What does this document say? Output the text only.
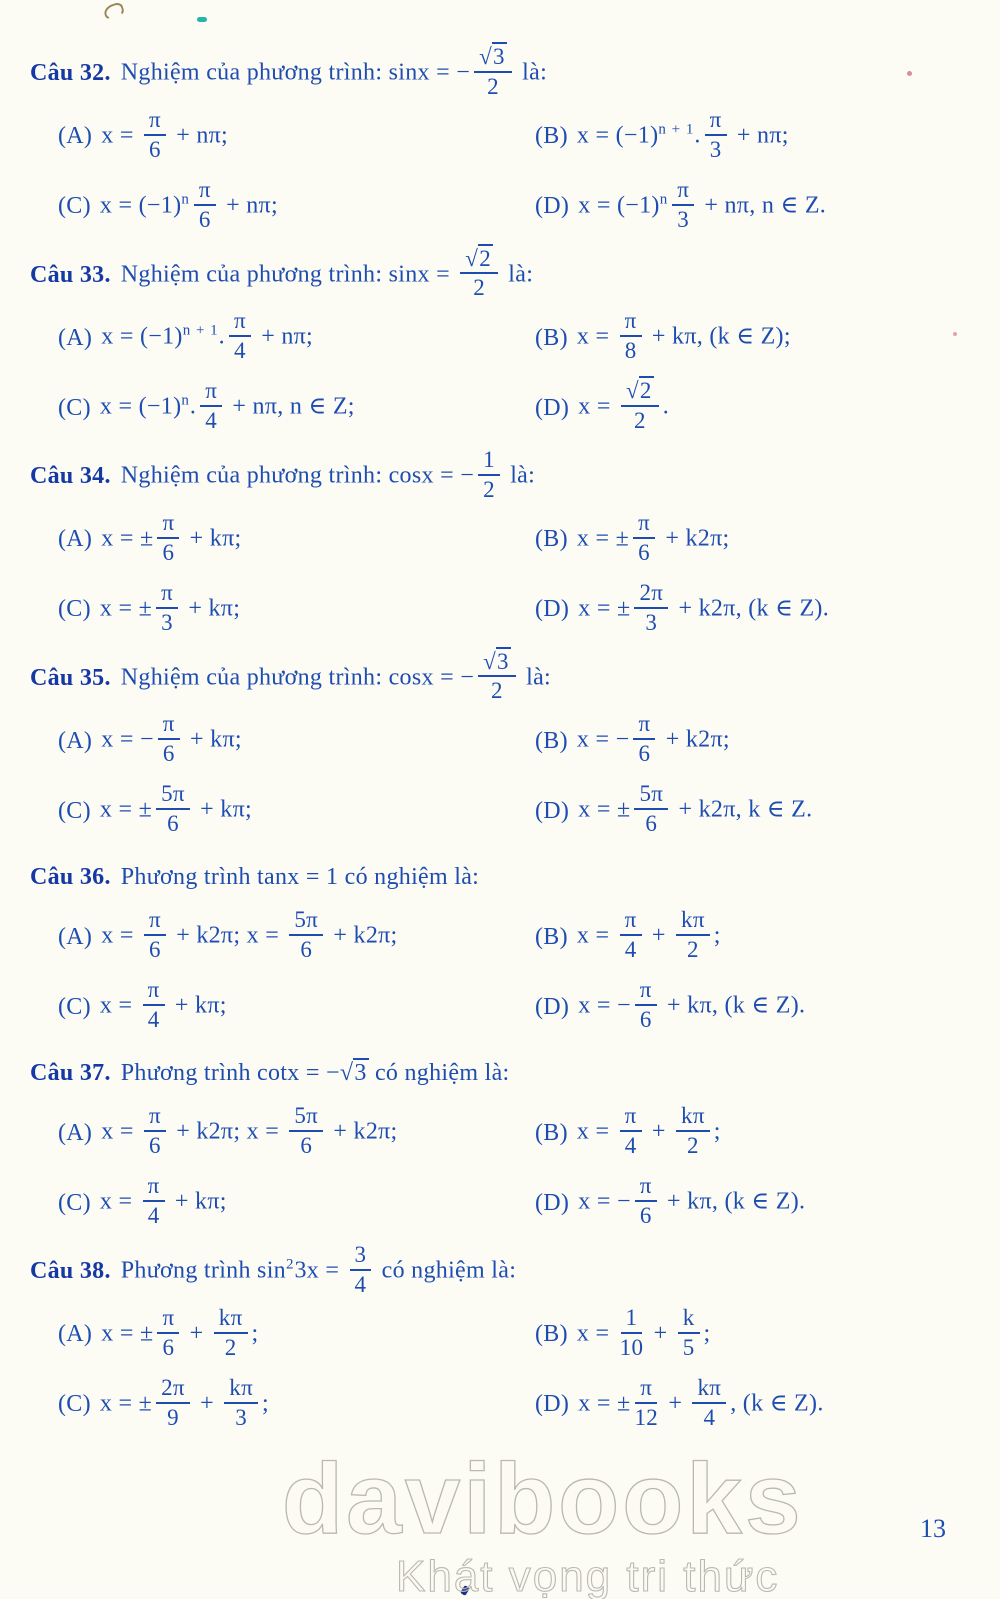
davibooks
Khát vọng tri thức
Câu 32. Nghiệm của phương trình: sinx = − $\frac{√3}{2}$ là:
(A) $x = \frac{\pi}{6} + n\pi$;	(B) $x = (-1)^{n + 1}$. $\frac{\pi}{3} + n\pi$;
(C) $x = (-1)^n \frac{\pi}{6} + n\pi$;	(D) $x = (-1)^n \frac{\pi}{3} + n\pi$, n ∈ Z.
Câu 33. Nghiệm của phương trình: $\sin x = \frac{√2}{2}$ là:
(A) $x = (-1)^{n + 1}$. $\frac{\pi}{4} + n\pi$;	(B) $x = \frac{\pi}{8} + k\pi$, (k ∈ Z);
(C) $x = (-1)^n$. $\frac{\pi}{4} + n\pi$, n ∈ Z;	(D) $x = \frac{√2}{2}$ .
Câu 34. Nghiệm của phương trình: cosx = − $\frac{1}{2}$ là:
(A) x = ± $\frac{\pi}{6} + k\pi$;	(B) x = ± $\frac{\pi}{6} + k2\pi$;
(C) x = ± $\frac{\pi}{3} + k\pi$;	(D) x = ± $\frac{2\pi}{3} + k2\pi$, (k ∈ Z).
Câu 35. Nghiệm của phương trình: cosx = − $\frac{√3}{2}$ là:
(A) x = − $\frac{\pi}{6} + k\pi$;	(B) x = − $\frac{\pi}{6} + k2\pi$;
(C) x = ± $\frac{5\pi}{6} + k\pi$;	(D) x = ± $\frac{5\pi}{6} + k2\pi$, k ∈ Z.
Câu 36. Phương trình tanx = 1 có nghiệm là:
(A) $x = \frac{\pi}{6} + k2\pi$; $x = \frac{5\pi}{6} + k2\pi$;	(B) $x = \frac{\pi}{4} + \frac{k\pi}{2}$ ;
(C) $x = \frac{\pi}{4} + k\pi$;	(D) x = − $\frac{\pi}{6} + k\pi$, (k ∈ Z).
Câu 37. Phương trình cotx = −√3 có nghiệm là:
(A) $x = \frac{\pi}{6} + k2\pi$; $x = \frac{5\pi}{6} + k2\pi$;	(B) $x = \frac{\pi}{4} + \frac{k\pi}{2}$ ;
(C) $x = \frac{\pi}{4} + k\pi$;	(D) x = − $\frac{\pi}{6} + k\pi$, (k ∈ Z).
Câu 38. Phương trình $\sin^23x = \frac{3}{4}$ có nghiệm là:
(A) x = ± $\frac{\pi}{6} + \frac{k\pi}{2}$ ;	(B) $x = \frac{1}{10} + \frac{k}{5}$ ;
(C) x = ± $\frac{2\pi}{9} + \frac{k\pi}{3}$ ;	(D) x = ± $\frac{\pi}{12} + \frac{k\pi}{4}$ , (k ∈ Z).
13
